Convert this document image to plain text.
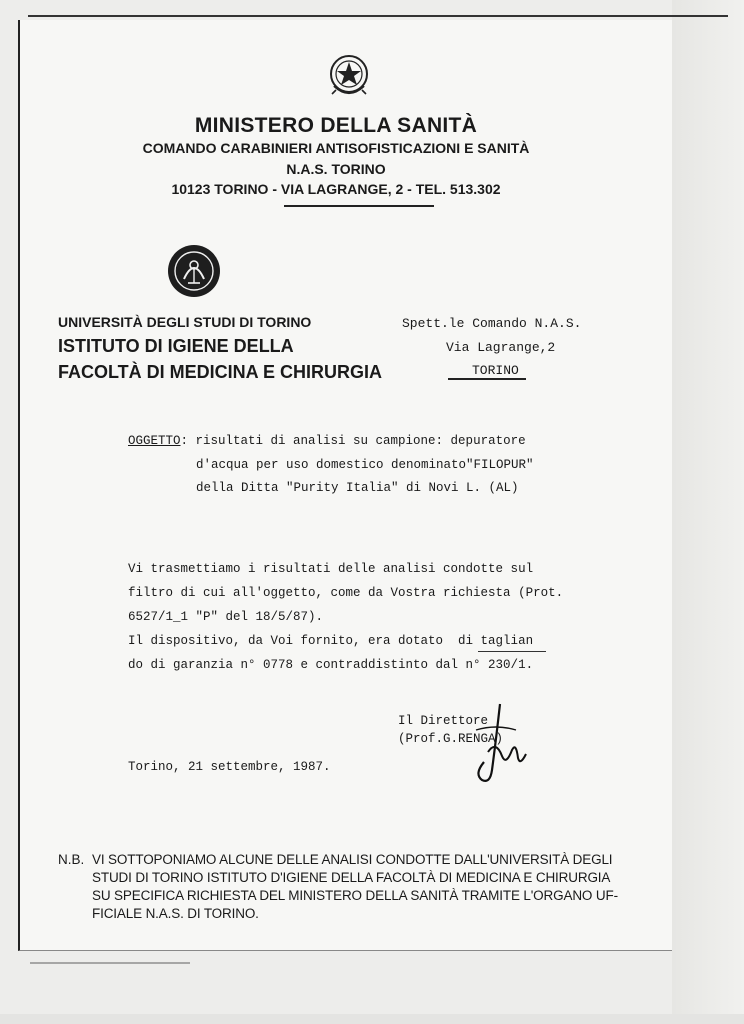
MINISTERO DELLA SANITÀ
COMANDO CARABINIERI ANTISOFISTICAZIONI E SANITÀ
N.A.S. TORINO
10123 TORINO - VIA LAGRANGE, 2 - TEL. 513.302
UNIVERSITÀ DEGLI STUDI DI TORINO
ISTITUTO DI IGIENE DELLA
FACOLTÀ DI MEDICINA E CHIRURGIA
Spett.le Comando N.A.S.
Via Lagrange,2
TORINO
OGGETTO: risultati di analisi su campione: depuratore
d'acqua per uso domestico denominato"FILOPUR"
della Ditta "Purity Italia" di Novi L. (AL)
Vi trasmettiamo i risultati delle analisi condotte sul
filtro di cui all'oggetto, come da Vostra richiesta (Prot.
6527/1_1 "P" del 18/5/87).
Il dispositivo, da Voi fornito, era dotato  di taglian
do di garanzia n° 0778 e contraddistinto dal n° 230/1.
Il Direttore
(Prof.G.RENGA)
Torino, 21 settembre, 1987.
N.B. VI SOTTOPONIAMO ALCUNE DELLE ANALISI CONDOTTE DALL'UNIVERSITÀ DEGLI
STUDI DI TORINO ISTITUTO D'IGIENE DELLA FACOLTÀ DI MEDICINA E CHIRURGIA
SU SPECIFICA RICHIESTA DEL MINISTERO DELLA SANITÀ TRAMITE L'ORGANO UF-
FICIALE N.A.S. DI TORINO.
